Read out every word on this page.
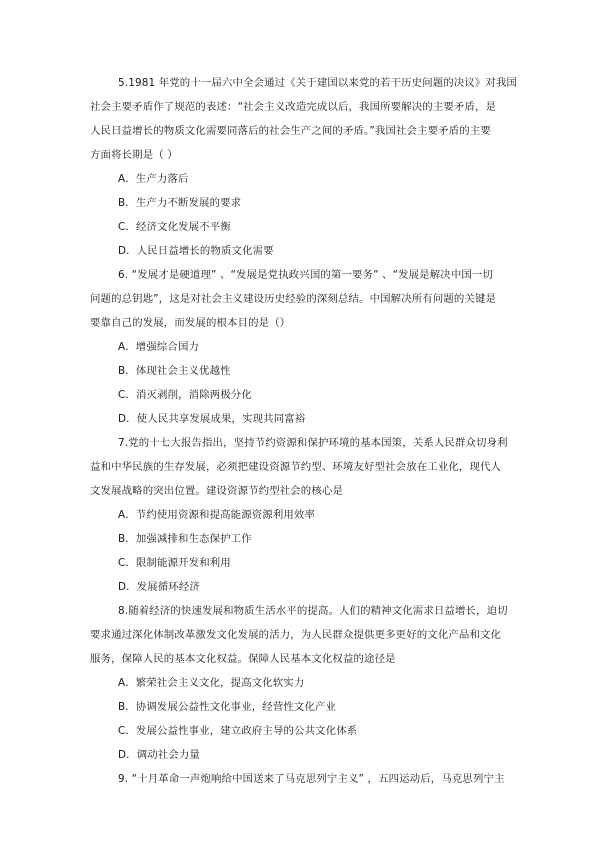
5.1981 年党的十一届六中全会通过《关于建国以来党的若干历史问题的决议》对我国
社会主要矛盾作了规范的表述：“社会主义改造完成以后，我国所要解决的主要矛盾，是
人民日益增长的物质文化需要同落后的社会生产之间的矛盾。”我国社会主要矛盾的主要
方面将长期是（ ）
A．生产力落后
B．生产力不断发展的要求
C．经济文化发展不平衡
D．人民日益增长的物质文化需要
6. “发展才是硬道理” 、“发展是党执政兴国的第一要务” 、“发展是解决中国一切
问题的总钥匙”，这是对社会主义建设历史经验的深刻总结。中国解决所有问题的关键是
要靠自己的发展，而发展的根本目的是（）
A．增强综合国力
B．体现社会主义优越性
C．消灭剥削，消除两极分化
D．使人民共享发展成果，实现共同富裕
7.党的十七大报告指出，坚持节约资源和保护环境的基本国策，关系人民群众切身利
益和中华民族的生存发展，必须把建设资源节约型、环境友好型社会放在工业化，现代人
文发展战略的突出位置。建设资源节约型社会的核心是
A．节约使用资源和提高能源资源利用效率
B．加强减排和生态保护工作
C．限制能源开发和利用
D．发展循环经济
8.随着经济的快速发展和物质生活水平的提高。人们的精神文化需求日益增长，迫切
要求通过深化体制改革激发文化发展的活力，为人民群众提供更多更好的文化产品和文化
服务，保障人民的基本文化权益。保障人民基本文化权益的途径是
A．繁荣社会主义文化，提高文化软实力
B．协调发展公益性文化事业，经营性文化产业
C．发展公益性事业，建立政府主导的公共文化体系
D．调动社会力量
9. “十月革命一声炮响给中国送来了马克思列宁主义” ，五四运动后，马克思列宁主
